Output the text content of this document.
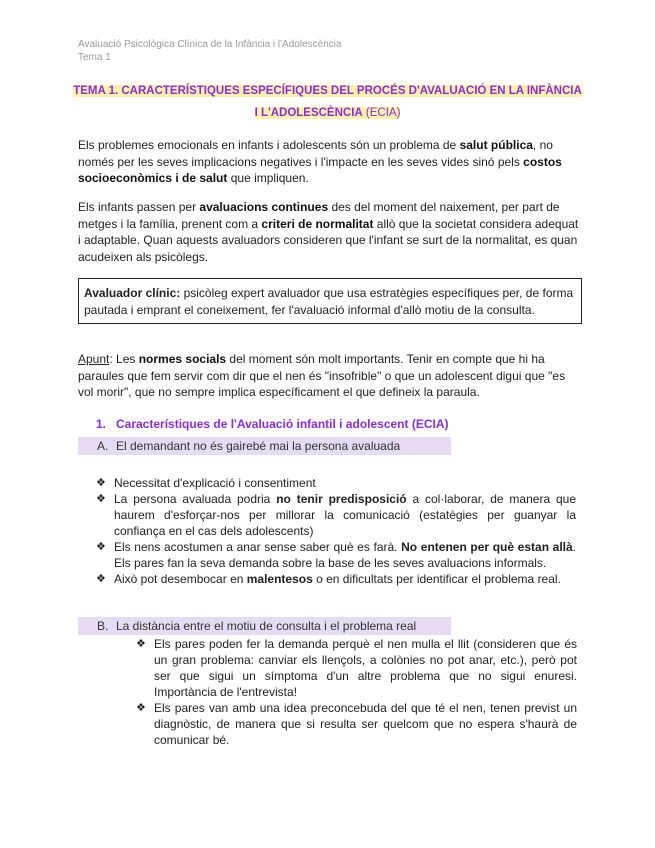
Avaluació Psicològica Clínica de la Infància i l'Adolescència
Tema 1
TEMA 1. CARACTERÍSTIQUES ESPECÍFIQUES DEL PROCÉS D'AVALUACIÓ EN LA INFÀNCIA
I L'ADOLESCÈNCIA (ECIA)
Els problemes emocionals en infants i adolescents són un problema de salut pública, no només per les seves implicacions negatives i l'impacte en les seves vides sinó pels costos socioeconòmics i de salut que impliquen.
Els infants passen per avaluacions continues des del moment del naixement, per part de metges i la família, prenent com a criteri de normalitat allò que la societat considera adequat i adaptable. Quan aquests avaluadors consideren que l'infant se surt de la normalitat, es quan acudeixen als psicòlegs.
Avaluador clínic: psicòleg expert avaluador que usa estratègies específiques per, de forma pautada i emprant el coneixement, fer l'avaluació informal d'allò motiu de la consulta.
Apunt: Les normes socials del moment són molt importants. Tenir en compte que hi ha paraules que fem servir com dir que el nen és "insofrible" o que un adolescent digui que "es vol morir", que no sempre implica específicament el que defineix la paraula.
1. Característiques de l'Avaluació infantil i adolescent (ECIA)
A. El demandant no és gairebé mai la persona avaluada
❖ Necessitat d'explicació i consentiment
❖ La persona avaluada podria no tenir predisposició a col·laborar, de manera que haurem d'esforçar-nos per millorar la comunicació (estatègies per guanyar la confiança en el cas dels adolescents)
❖ Els nens acostumen a anar sense saber què es farà. No entenen per què estan allà. Els pares fan la seva demanda sobre la base de les seves avaluacions informals.
❖ Això pot desembocar en malentesos o en dificultats per identificar el problema real.
B. La distància entre el motiu de consulta i el problema real
❖ Els pares poden fer la demanda perquè el nen mulla el llit (consideren que és un gran problema: canviar els llençols, a colònies no pot anar, etc.), però pot ser que sigui un símptoma d'un altre problema que no sigui enuresi. Importància de l'entrevista!
❖ Els pares van amb una idea preconcebuda del que té el nen, tenen previst un diagnòstic, de manera que si resulta ser quelcom que no espera s'haurà de comunicar bé.
